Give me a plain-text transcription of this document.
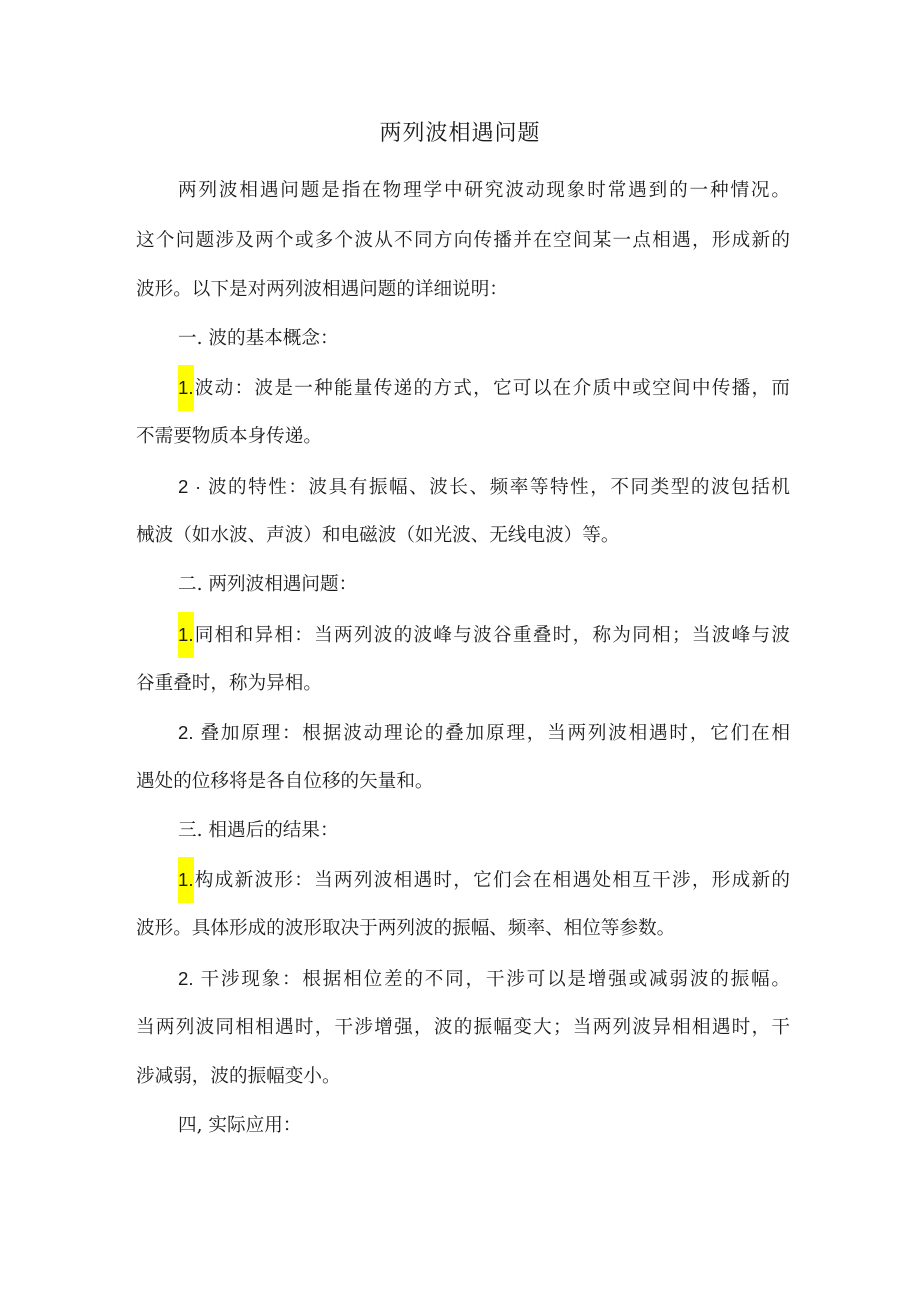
两列波相遇问题
两列波相遇问题是指在物理学中研究波动现象时常遇到的一种情况。
这个问题涉及两个或多个波从不同方向传播并在空间某一点相遇，形成新的
波形。以下是对两列波相遇问题的详细说明：
一. 波的基本概念：
1.波动：波是一种能量传递的方式，它可以在介质中或空间中传播，而
不需要物质本身传递。
2 · 波的特性：波具有振幅、波长、频率等特性，不同类型的波包括机
械波（如水波、声波）和电磁波（如光波、无线电波）等。
二. 两列波相遇问题：
1.同相和异相：当两列波的波峰与波谷重叠时，称为同相；当波峰与波
谷重叠时，称为异相。
2. 叠加原理：根据波动理论的叠加原理，当两列波相遇时，它们在相
遇处的位移将是各自位移的矢量和。
三. 相遇后的结果：
1.构成新波形：当两列波相遇时，它们会在相遇处相互干涉，形成新的
波形。具体形成的波形取决于两列波的振幅、频率、相位等参数。
2. 干涉现象：根据相位差的不同，干涉可以是增强或减弱波的振幅。
当两列波同相相遇时，干涉增强，波的振幅变大；当两列波异相相遇时，干
涉减弱，波的振幅变小。
四, 实际应用：
